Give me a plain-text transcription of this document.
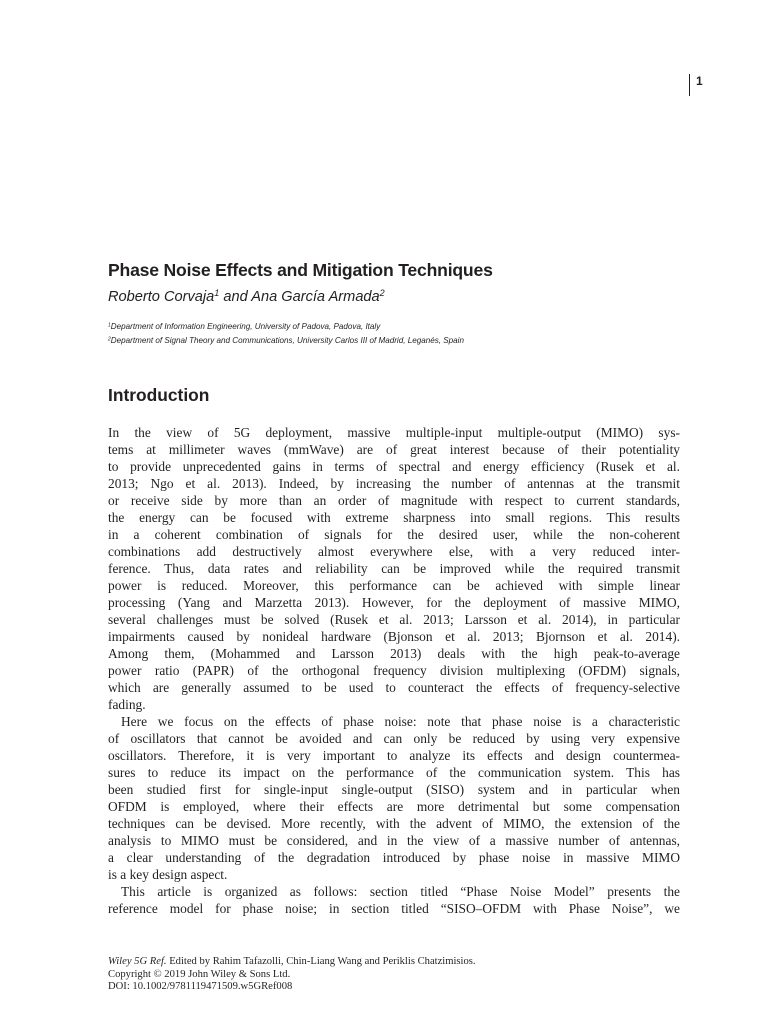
1
Phase Noise Effects and Mitigation Techniques
Roberto Corvaja$^1$ and Ana García Armada$^2$
$^1$Department of Information Engineering, University of Padova, Padova, Italy
$^2$Department of Signal Theory and Communications, University Carlos III of Madrid, Leganés, Spain
Introduction
In the view of 5G deployment, massive multiple-input multiple-output (MIMO) sys-
tems at millimeter waves (mmWave) are of great interest because of their potentiality
to provide unprecedented gains in terms of spectral and energy efficiency (Rusek et al.
2013; Ngo et al. 2013). Indeed, by increasing the number of antennas at the transmit
or receive side by more than an order of magnitude with respect to current standards,
the energy can be focused with extreme sharpness into small regions. This results
in a coherent combination of signals for the desired user, while the non-coherent
combinations add destructively almost everywhere else, with a very reduced inter-
ference. Thus, data rates and reliability can be improved while the required transmit
power is reduced. Moreover, this performance can be achieved with simple linear
processing (Yang and Marzetta 2013). However, for the deployment of massive MIMO,
several challenges must be solved (Rusek et al. 2013; Larsson et al. 2014), in particular
impairments caused by nonideal hardware (Bjonson et al. 2013; Bjornson et al. 2014).
Among them, (Mohammed and Larsson 2013) deals with the high peak-to-average
power ratio (PAPR) of the orthogonal frequency division multiplexing (OFDM) signals,
which are generally assumed to be used to counteract the effects of frequency-selective
fading.
Here we focus on the effects of phase noise: note that phase noise is a characteristic
of oscillators that cannot be avoided and can only be reduced by using very expensive
oscillators. Therefore, it is very important to analyze its effects and design countermea-
sures to reduce its impact on the performance of the communication system. This has
been studied first for single-input single-output (SISO) system and in particular when
OFDM is employed, where their effects are more detrimental but some compensation
techniques can be devised. More recently, with the advent of MIMO, the extension of the
analysis to MIMO must be considered, and in the view of a massive number of antennas,
a clear understanding of the degradation introduced by phase noise in massive MIMO
is a key design aspect.
This article is organized as follows: section titled “Phase Noise Model” presents the
reference model for phase noise; in section titled “SISO–OFDM with Phase Noise”, we
Wiley 5G Ref. Edited by Rahim Tafazolli, Chin-Liang Wang and Periklis Chatzimisios.
Copyright © 2019 John Wiley & Sons Ltd.
DOI: 10.1002/9781119471509.w5GRef008
